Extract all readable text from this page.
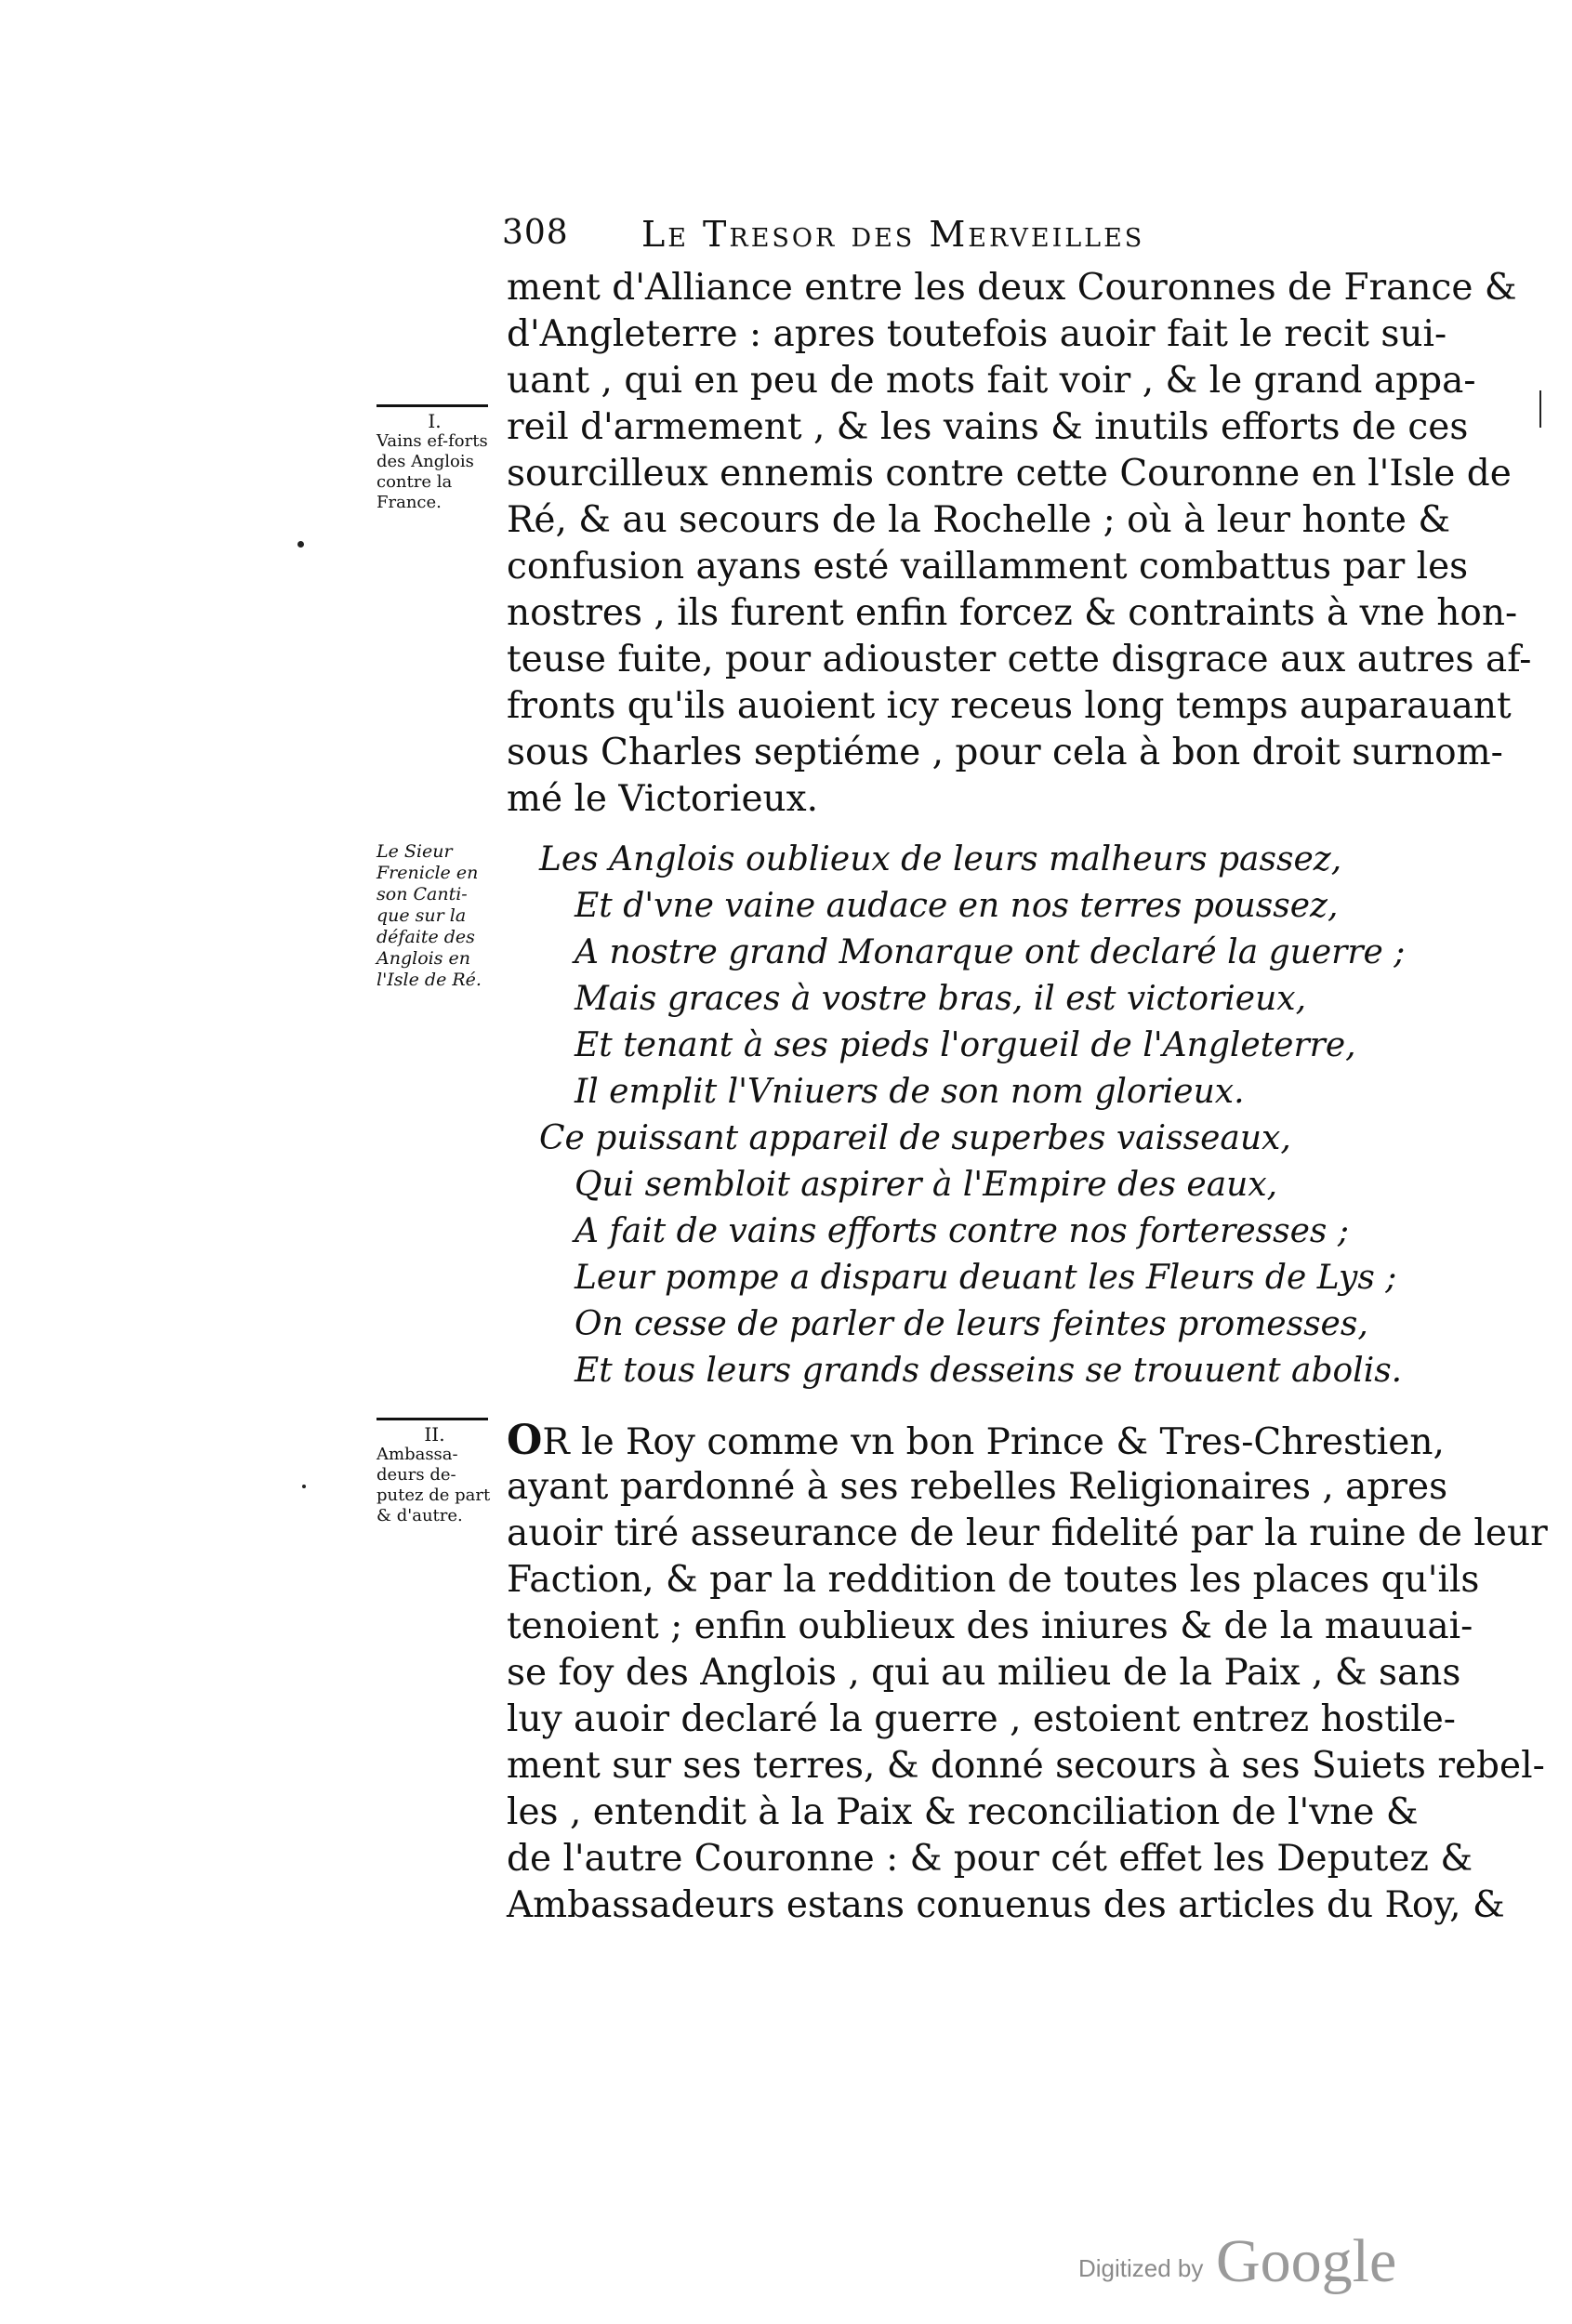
308 Le Tresor des Merveilles
ment d'Alliance entre les deux Couronnes de France &
d'Angleterre : apres toutefois auoir fait le recit sui-
uant , qui en peu de mots fait voir , & le grand appa-
reil d'armement , & les vains & inutils efforts de ces
sourcilleux ennemis contre cette Couronne en l'Isle de
Ré, & au secours de la Rochelle ; où à leur honte &
confusion ayans esté vaillamment combattus par les
nostres , ils furent enfin forcez & contraints à vne hon-
teuse fuite, pour adiouster cette disgrace aux autres af-
fronts qu'ils auoient icy receus long temps auparauant
sous Charles septiéme , pour cela à bon droit surnom-
mé le Victorieux.
I.
Vains ef-forts des Anglois contre la France.
Le Sieur Frenicle en son Canti-que sur la défaite des Anglois en l'Isle de Ré.
Les Anglois oublieux de leurs malheurs passez,
Et d'vne vaine audace en nos terres poussez,
A nostre grand Monarque ont declaré la guerre ;
Mais graces à vostre bras, il est victorieux,
Et tenant à ses pieds l'orgueil de l'Angleterre,
Il emplit l'Vniuers de son nom glorieux.
Ce puissant appareil de superbes vaisseaux,
Qui sembloit aspirer à l'Empire des eaux,
A fait de vains efforts contre nos forteresses ;
Leur pompe a disparu deuant les Fleurs de Lys ;
On cesse de parler de leurs feintes promesses,
Et tous leurs grands desseins se trouuent abolis.
OR le Roy comme vn bon Prince & Tres-Chrestien,
ayant pardonné à ses rebelles Religionaires , apres
auoir tiré asseurance de leur fidelité par la ruine de leur
Faction, & par la reddition de toutes les places qu'ils
tenoient ; enfin oublieux des iniures & de la mauuai-
se foy des Anglois , qui au milieu de la Paix , & sans
luy auoir declaré la guerre , estoient entrez hostile-
ment sur ses terres, & donné secours à ses Suiets rebel-
les , entendit à la Paix & reconciliation de l'vne &
de l'autre Couronne : & pour cét effet les Deputez &
Ambassadeurs estans conuenus des articles du Roy, &
II.
Ambassa-deurs de-putez de part & d'autre.
Digitized by Google
